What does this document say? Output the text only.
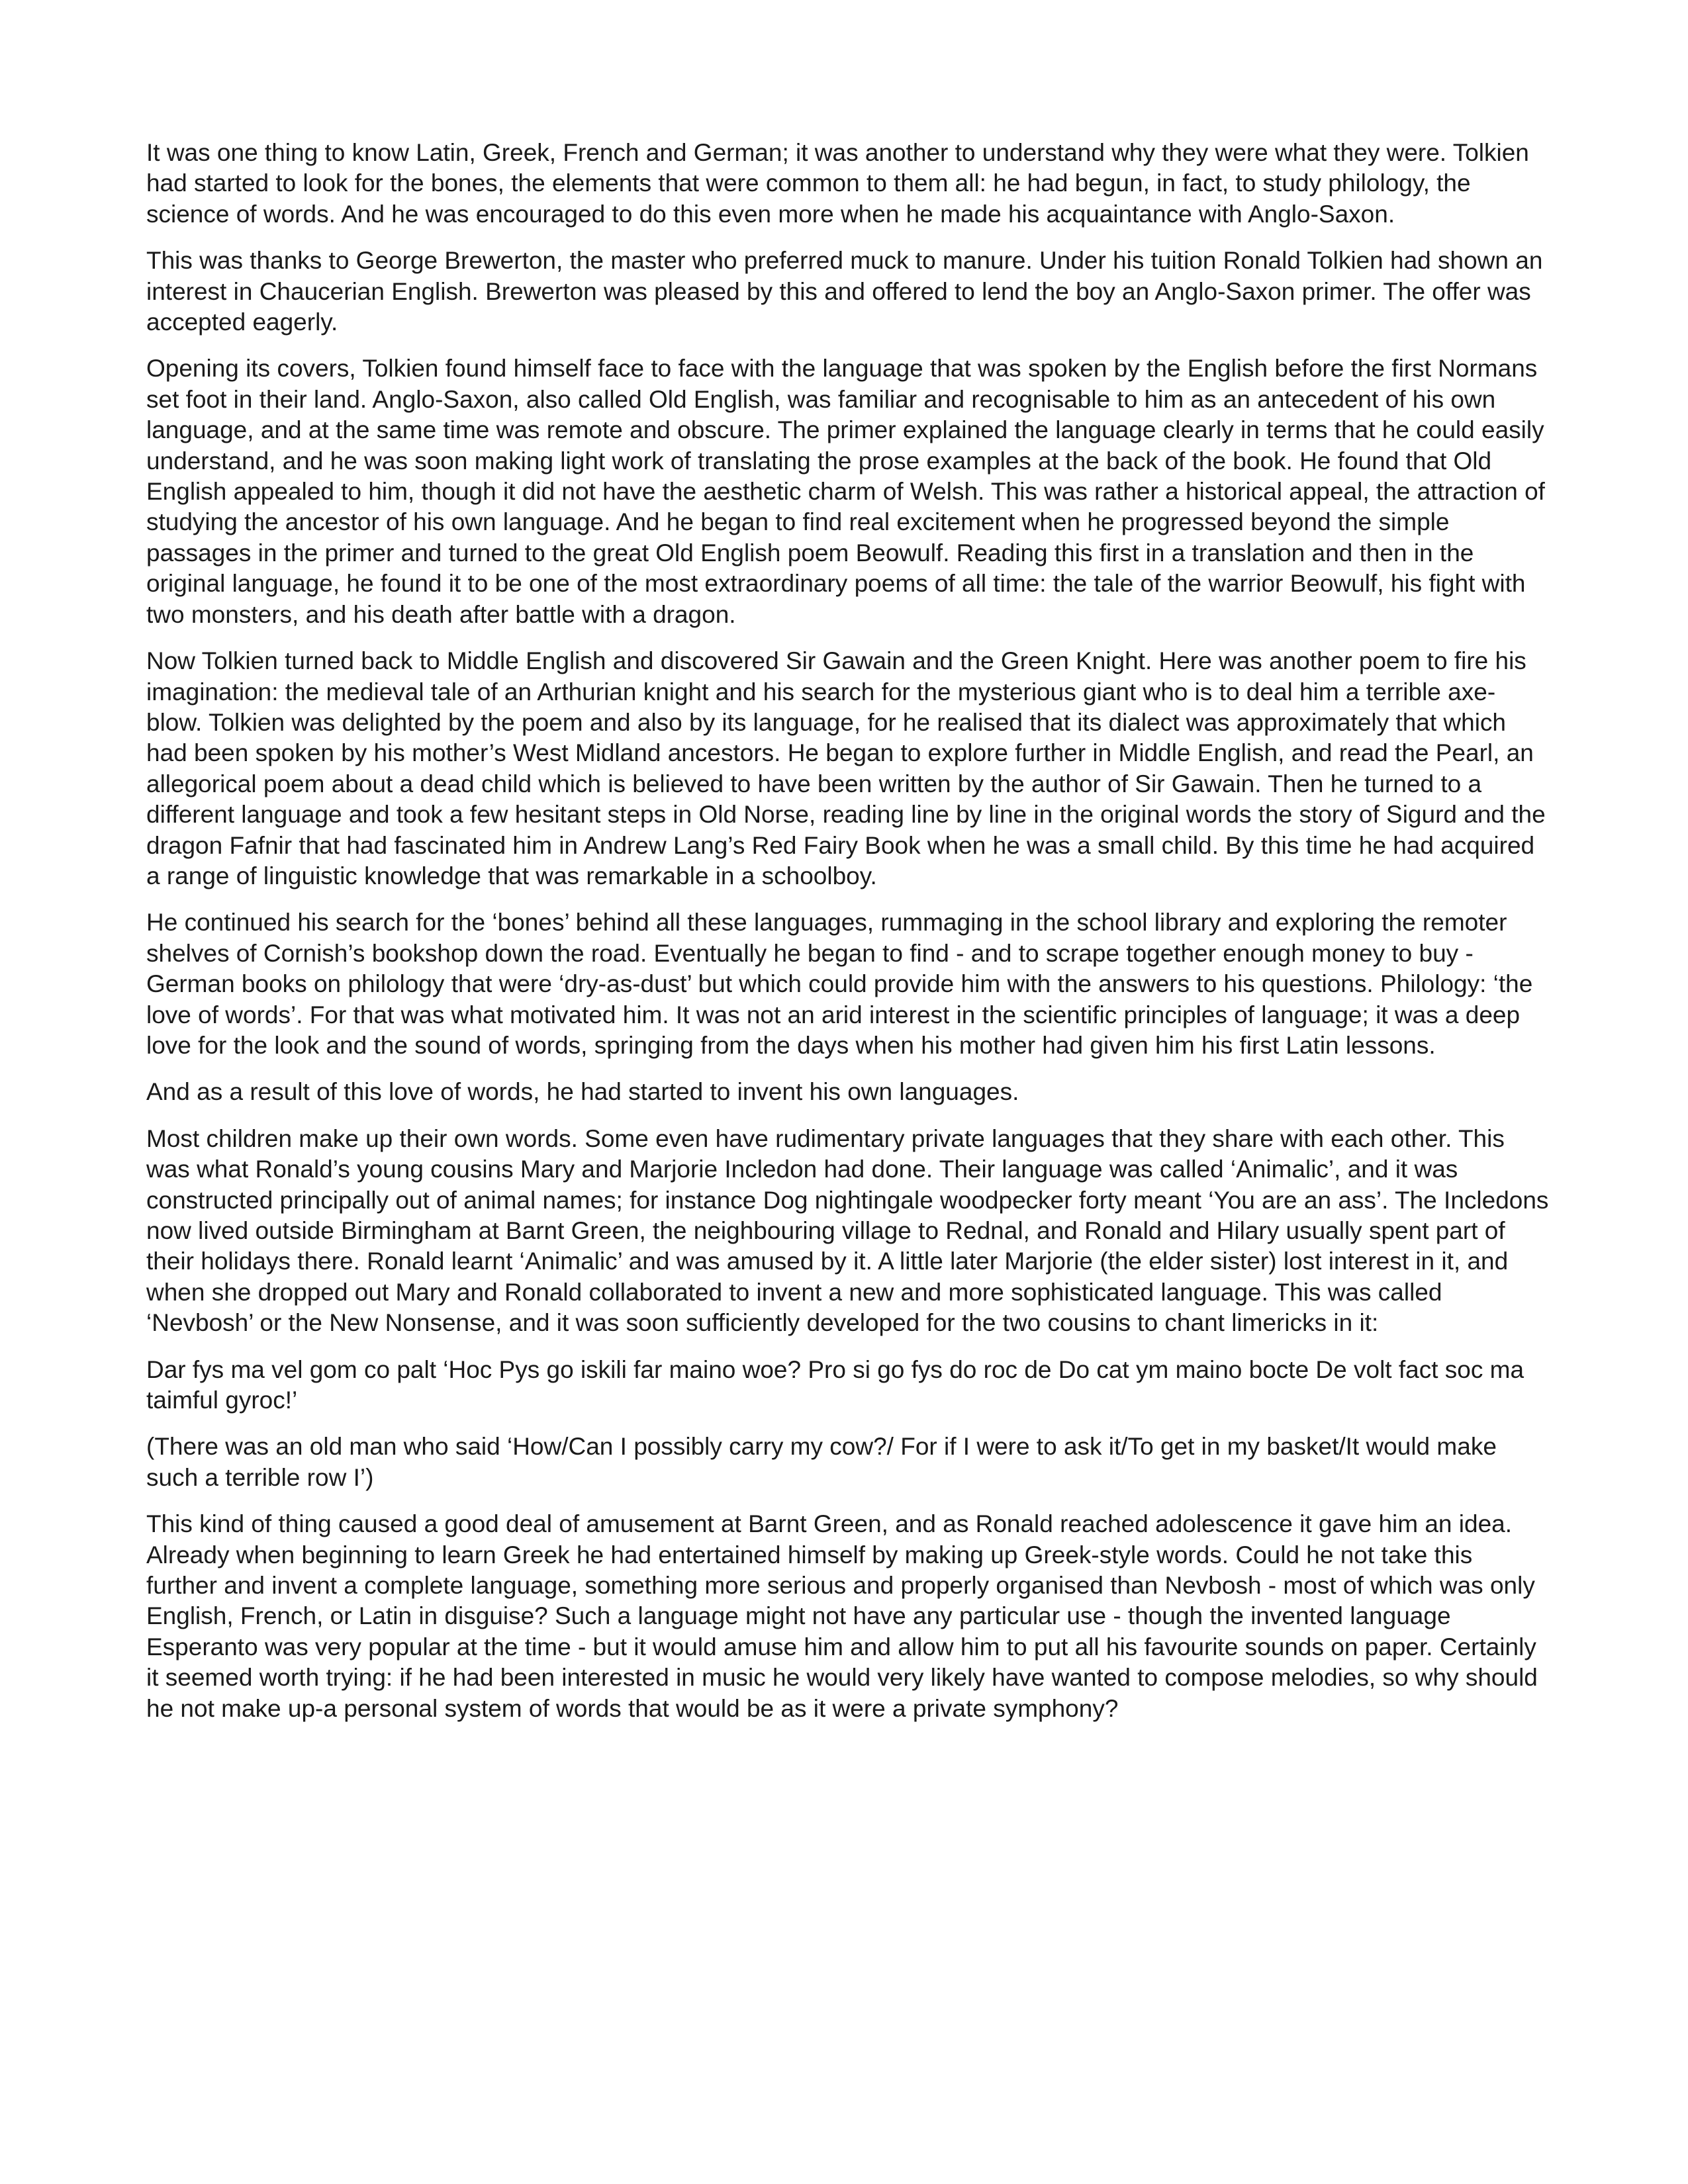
It was one thing to know Latin, Greek, French and German; it was another to understand why they were what they were. Tolkien had started to look for the bones, the elements that were common to them all: he had begun, in fact, to study philology, the science of words. And he was encouraged to do this even more when he made his acquaintance with Anglo-Saxon.

This was thanks to George Brewerton, the master who preferred muck to manure. Under his tuition Ronald Tolkien had shown an interest in Chaucerian English. Brewerton was pleased by this and offered to lend the boy an Anglo-Saxon primer. The offer was accepted eagerly.

Opening its covers, Tolkien found himself face to face with the language that was spoken by the English before the first Normans set foot in their land. Anglo-Saxon, also called Old English, was familiar and recognisable to him as an antecedent of his own language, and at the same time was remote and obscure. The primer explained the language clearly in terms that he could easily understand, and he was soon making light work of translating the prose examples at the back of the book. He found that Old English appealed to him, though it did not have the aesthetic charm of Welsh. This was rather a historical appeal, the attraction of studying the ancestor of his own language. And he began to find real excitement when he progressed beyond the simple passages in the primer and turned to the great Old English poem Beowulf. Reading this first in a translation and then in the original language, he found it to be one of the most extraordinary poems of all time: the tale of the warrior Beowulf, his fight with two monsters, and his death after battle with a dragon.

Now Tolkien turned back to Middle English and discovered Sir Gawain and the Green Knight. Here was another poem to fire his imagination: the medieval tale of an Arthurian knight and his search for the mysterious giant who is to deal him a terrible axe-blow. Tolkien was delighted by the poem and also by its language, for he realised that its dialect was approximately that which had been spoken by his mother’s West Midland ancestors. He began to explore further in Middle English, and read the Pearl, an allegorical poem about a dead child which is believed to have been written by the author of Sir Gawain. Then he turned to a different language and took a few hesitant steps in Old Norse, reading line by line in the original words the story of Sigurd and the dragon Fafnir that had fascinated him in Andrew Lang’s Red Fairy Book when he was a small child. By this time he had acquired a range of linguistic knowledge that was remarkable in a schoolboy.

He continued his search for the ‘bones’ behind all these languages, rummaging in the school library and exploring the remoter shelves of Cornish’s bookshop down the road. Eventually he began to find - and to scrape together enough money to buy - German books on philology that were ‘dry-as-dust’ but which could provide him with the answers to his questions. Philology: ‘the love of words’. For that was what motivated him. It was not an arid interest in the scientific principles of language; it was a deep love for the look and the sound of words, springing from the days when his mother had given him his first Latin lessons.

And as a result of this love of words, he had started to invent his own languages.

Most children make up their own words. Some even have rudimentary private languages that they share with each other. This was what Ronald’s young cousins Mary and Marjorie Incledon had done. Their language was called ‘Animalic’, and it was constructed principally out of animal names; for instance Dog nightingale woodpecker forty meant ‘You are an ass’. The Incledons now lived outside Birmingham at Barnt Green, the neighbouring village to Rednal, and Ronald and Hilary usually spent part of their holidays there. Ronald learnt ‘Animalic’ and was amused by it. A little later Marjorie (the elder sister) lost interest in it, and when she dropped out Mary and Ronald collaborated to invent a new and more sophisticated language. This was called ‘Nevbosh’ or the New Nonsense, and it was soon sufficiently developed for the two cousins to chant limericks in it:

Dar fys ma vel gom co palt ‘Hoc Pys go iskili far maino woe? Pro si go fys do roc de Do cat ym maino bocte De volt fact soc ma taimful gyroc!’

(There was an old man who said ‘How/Can I possibly carry my cow?/ For if I were to ask it/To get in my basket/It would make such a terrible row I’)

This kind of thing caused a good deal of amusement at Barnt Green, and as Ronald reached adolescence it gave him an idea. Already when beginning to learn Greek he had entertained himself by making up Greek-style words. Could he not take this further and invent a complete language, something more serious and properly organised than Nevbosh - most of which was only English, French, or Latin in disguise? Such a language might not have any particular use - though the invented language Esperanto was very popular at the time - but it would amuse him and allow him to put all his favourite sounds on paper. Certainly it seemed worth trying: if he had been interested in music he would very likely have wanted to compose melodies, so why should he not make up-a personal system of words that would be as it were a private symphony?
